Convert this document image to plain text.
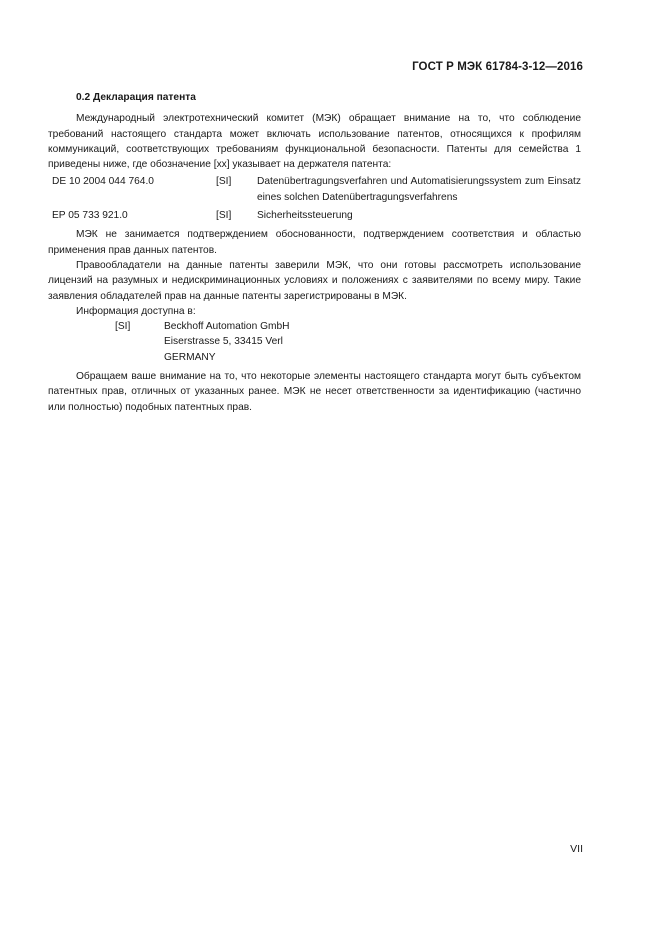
ГОСТ Р МЭК 61784-3-12—2016
0.2 Декларация патента

Международный электротехнический комитет (МЭК) обращает внимание на то, что соблюдение требований настоящего стандарта может включать использование патентов, относящихся к профилям коммуникаций, соответствующих требованиям функциональной безопасности. Патенты для семейства 1 приведены ниже, где обозначение [xx] указывает на держателя патента:

DE 10 2004 044 764.0	[SI]	Datenübertragungsverfahren und Automatisierungssystem zum Einsatz eines solchen Datenübertragungsverfahrens
EP 05 733 921.0	[SI]	Sicherheitssteuerung

МЭК не занимается подтверждением обоснованности, подтверждением соответствия и областью применения прав данных патентов.

Правообладатели на данные патенты заверили МЭК, что они готовы рассмотреть использование лицензий на разумных и недискриминационных условиях и положениях с заявителями по всему миру. Такие заявления обладателей прав на данные патенты зарегистрированы в МЭК.

Информация доступна в:

[SI]	Beckhoff Automation GmbH
Eiserstrasse 5, 33415 Verl
GERMANY

Обращаем ваше внимание на то, что некоторые элементы настоящего стандарта могут быть субъектом патентных прав, отличных от указанных ранее. МЭК не несет ответственности за идентификацию (частично или полностью) подобных патентных прав.

VII
